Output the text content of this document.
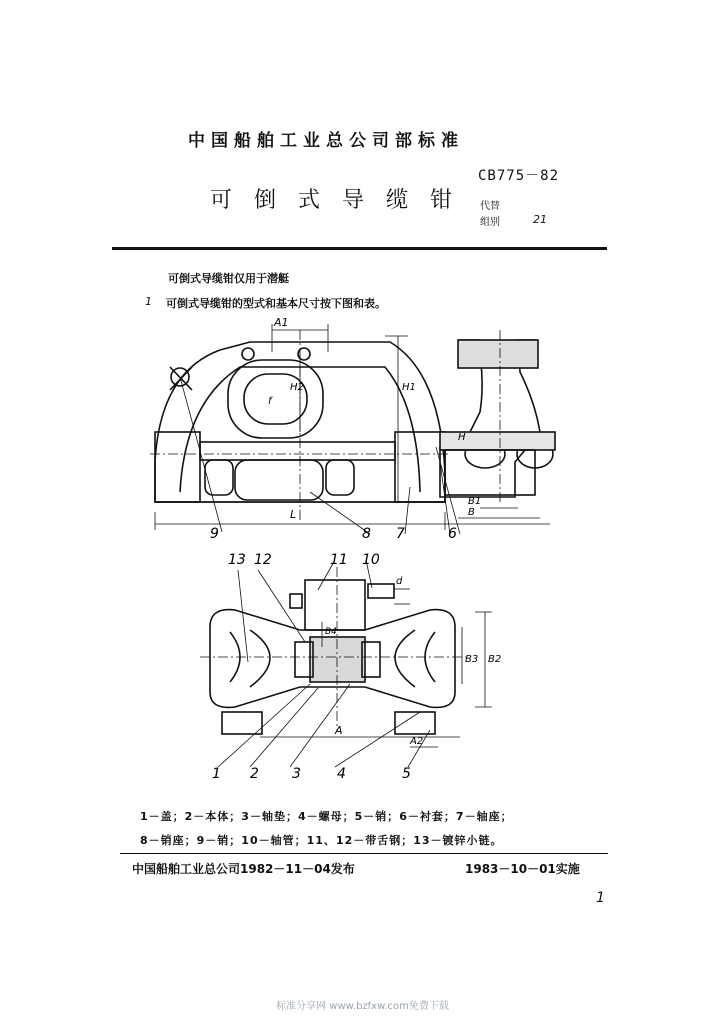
中国船舶工业总公司部标准
CB775－82
可倒式导缆钳 代替
组别	21
可倒式导缆钳仅用于潜艇
1 可倒式导缆钳的型式和基本尺寸按下图和表。
A1
H2	H1
f
L
H
B1
B
d
B4
B3 B2
A
A2
9	8 7	6
13 12	11 10
1 2 3	4	5
1－盖；2－本体；3－轴垫；4－螺母；5－销；6－衬套；7－轴座；
8－销座；9－销；10－轴管；11、12－带舌钢；13－镀锌小链。
中国船舶工业总公司1982－11－04发布	1983－10－01实施
1
标准分享网 www.bzfxw.com免费下载
